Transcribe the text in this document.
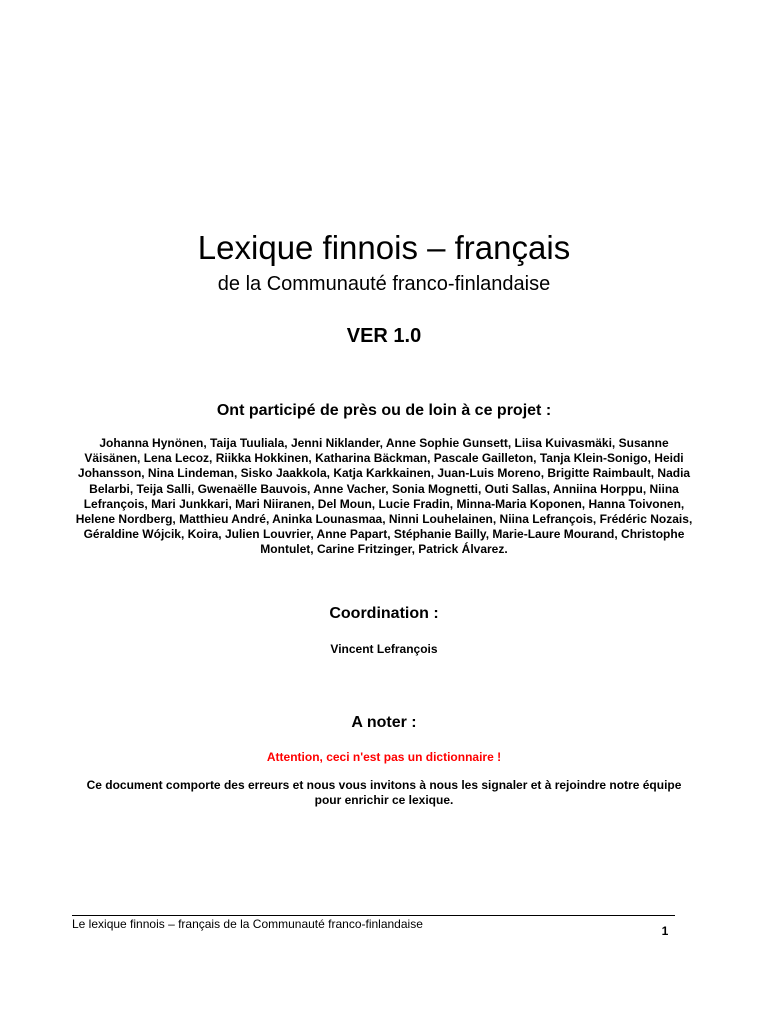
Lexique finnois – français
de la Communauté franco-finlandaise
VER 1.0
Ont participé de près ou de loin à ce projet :
Johanna Hynönen, Taija Tuuliala, Jenni Niklander, Anne Sophie Gunsett, Liisa Kuivasmäki, Susanne Väisänen, Lena Lecoz, Riikka Hokkinen, Katharina Bäckman, Pascale Gailleton, Tanja Klein-Sonigo, Heidi Johansson, Nina Lindeman, Sisko Jaakkola, Katja Karkkainen, Juan-Luis Moreno, Brigitte Raimbault, Nadia Belarbi, Teija Salli, Gwenaëlle Bauvois, Anne Vacher, Sonia Mognetti, Outi Sallas, Anniina Horppu, Niina Lefrançois, Mari Junkkari, Mari Niiranen, Del Moun, Lucie Fradin, Minna-Maria Koponen, Hanna Toivonen, Helene Nordberg, Matthieu André, Aninka Lounasmaa, Ninni Louhelainen, Niina Lefrançois, Frédéric Nozais, Géraldine Wójcik, Koira, Julien Louvrier, Anne Papart, Stéphanie Bailly, Marie-Laure Mourand, Christophe Montulet, Carine Fritzinger, Patrick Álvarez.
Coordination :
Vincent Lefrançois
A noter :
Attention, ceci n'est pas un dictionnaire !
Ce document comporte des erreurs et nous vous invitons à nous les signaler et à rejoindre notre équipe pour enrichir ce lexique.
Le lexique finnois – français de la Communauté franco-finlandaise	1
